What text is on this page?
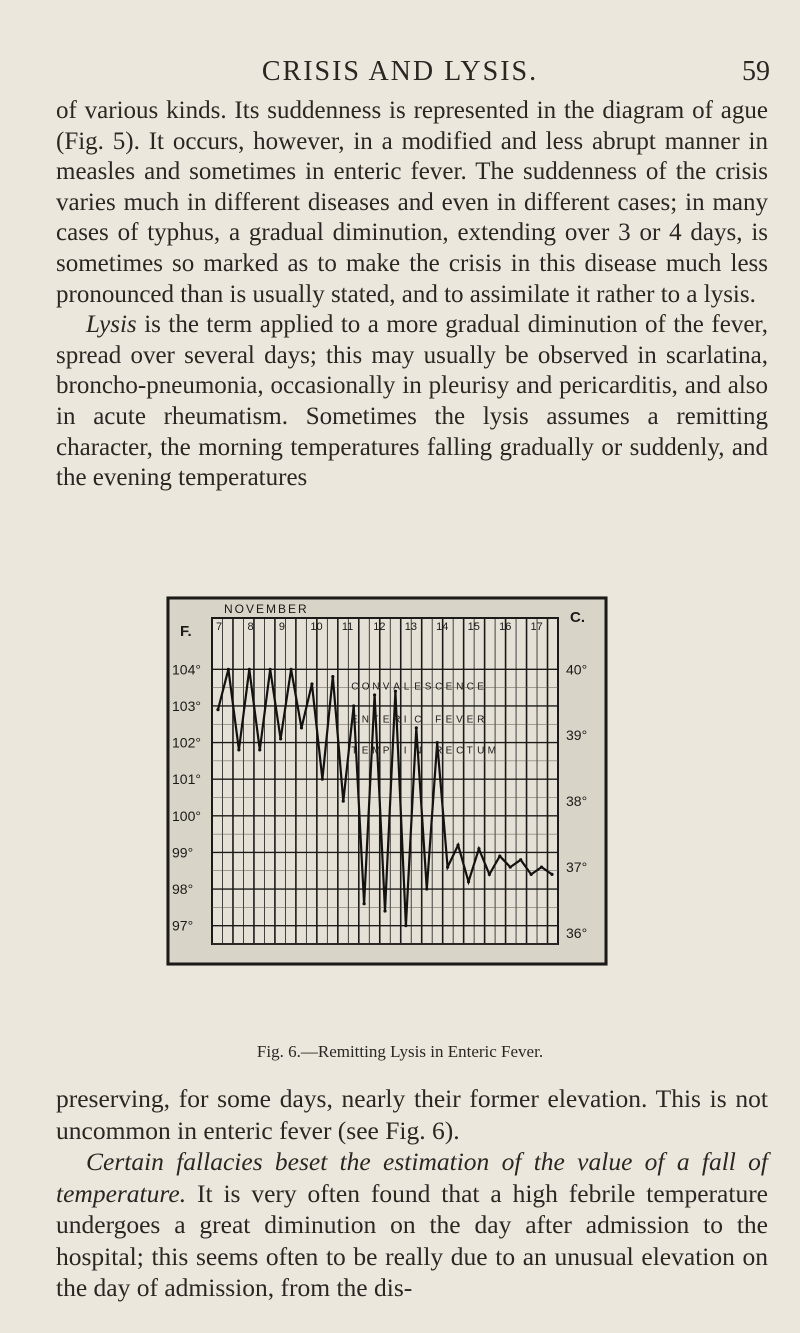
CRISIS AND LYSIS.	59

of various kinds. Its suddenness is represented in the diagram of ague (Fig. 5). It occurs, however, in a modified and less abrupt manner in measles and sometimes in enteric fever. The suddenness of the crisis varies much in different diseases and even in different cases; in many cases of typhus, a gradual diminution, extending over 3 or 4 days, is sometimes so marked as to make the crisis in this disease much less pronounced than is usually stated, and to assimilate it rather to a lysis.

Lysis is the term applied to a more gradual diminution of the fever, spread over several days; this may usually be observed in scarlatina, broncho-pneumonia, occasionally in pleurisy and pericarditis, and also in acute rheumatism. Sometimes the lysis assumes a remitting character, the morning temperatures falling gradually or suddenly, and the evening temperatures

104°
103°
102°
101°
100°
99°
98°
97°
F.
40°
39°
38°
37°
36°
C.
NOVEMBER
7 8 9 10 11 12 13 14 15 16 17
C O N V A L E S C E N C E
E N T E R I C F E V E R
T E M P I N R E C T U M
Fig. 6.—Remitting Lysis in Enteric Fever.

preserving, for some days, nearly their former elevation. This is not uncommon in enteric fever (see Fig. 6).

Certain fallacies beset the estimation of the value of a fall of temperature. It is very often found that a high febrile temperature undergoes a great diminution on the day after admission to the hospital; this seems often to be really due to an unusual elevation on the day of admission, from the dis-
